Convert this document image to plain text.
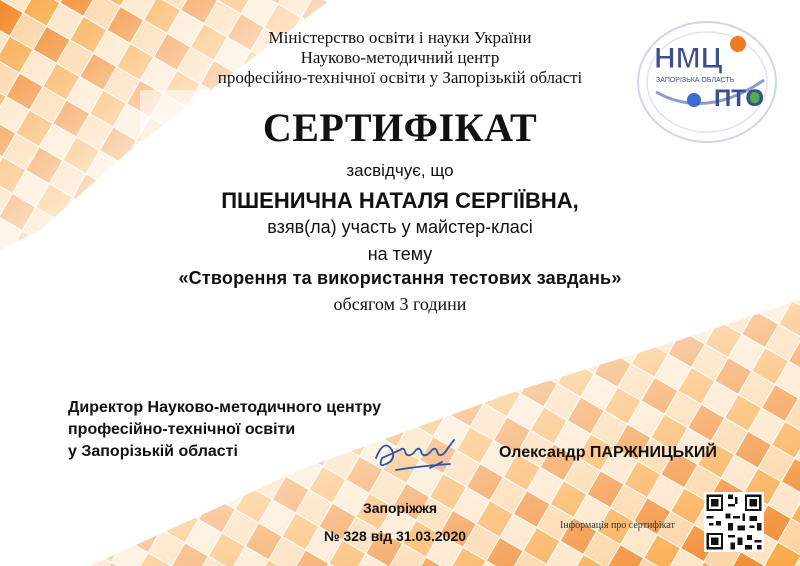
НМЦ
ПТО
ЗАПОРІЗЬКА ОБЛАСТЬ
Міністерство освіти і науки України
Науково-методичний центр
професійно-технічної освіти у Запорізькій області
СЕРТИФІКАТ
засвідчує, що
ПШЕНИЧНА НАТАЛЯ СЕРГІЇВНА,
взяв(ла) участь у майстер-класі
на тему
«Створення та використання тестових завдань»
обсягом 3 години
Директор Науково-методичного центру
професійно-технічної освіти
у Запорізькій області	Олександр ПАРЖНИЦЬКИЙ
Запоріжжя
№ 328 від 31.03.2020
Інформація про сертифікат
